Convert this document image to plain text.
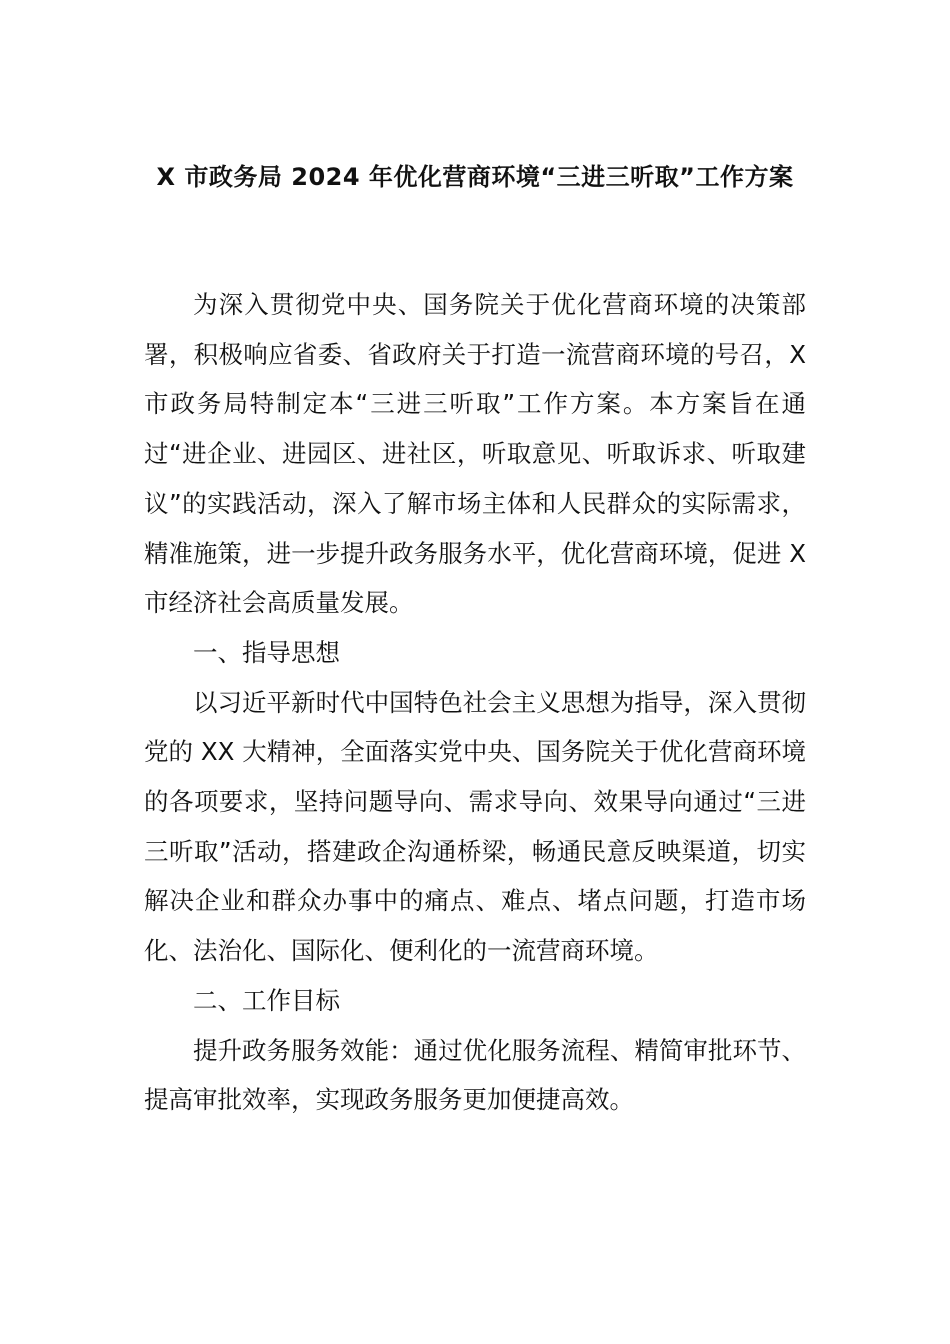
X 市政务局 2024 年优化营商环境“三进三听取”工作方案

为深入贯彻党中央、国务院关于优化营商环境的决策部署，积极响应省委、省政府关于打造一流营商环境的号召，X 市政务局特制定本“三进三听取”工作方案。本方案旨在通过“进企业、进园区、进社区，听取意见、听取诉求、听取建议”的实践活动，深入了解市场主体和人民群众的实际需求，精准施策，进一步提升政务服务水平，优化营商环境，促进 X 市经济社会高质量发展。

一、指导思想

以习近平新时代中国特色社会主义思想为指导，深入贯彻党的 XX 大精神，全面落实党中央、国务院关于优化营商环境的各项要求，坚持问题导向、需求导向、效果导向通过“三进三听取”活动，搭建政企沟通桥梁，畅通民意反映渠道，切实解决企业和群众办事中的痛点、难点、堵点问题，打造市场化、法治化、国际化、便利化的一流营商环境。

二、工作目标

提升政务服务效能：通过优化服务流程、精简审批环节、提高审批效率，实现政务服务更加便捷高效。
